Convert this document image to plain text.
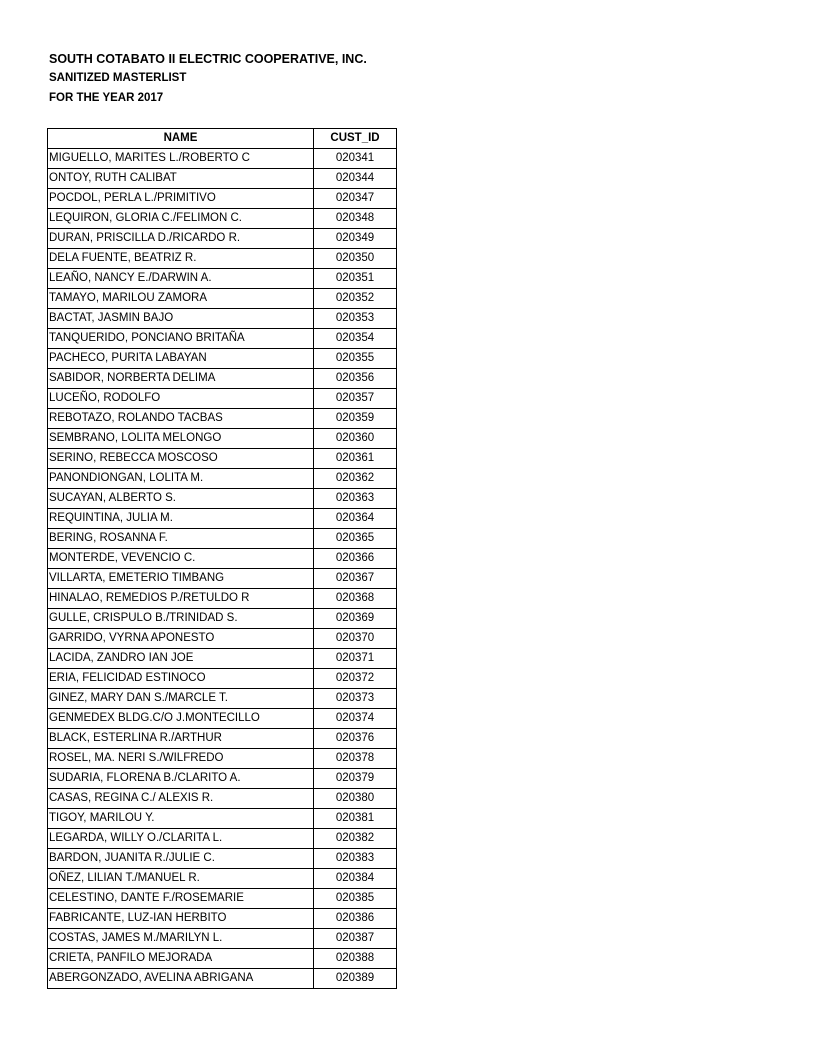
SOUTH COTABATO II ELECTRIC COOPERATIVE, INC.
SANITIZED MASTERLIST
FOR THE YEAR 2017
NAME	CUST_ID
MIGUELLO, MARITES L./ROBERTO C	020341
ONTOY, RUTH CALIBAT	020344
POCDOL, PERLA L./PRIMITIVO	020347
LEQUIRON, GLORIA C./FELIMON C.	020348
DURAN, PRISCILLA D./RICARDO R.	020349
DELA FUENTE, BEATRIZ R.	020350
LEAÑO, NANCY E./DARWIN A.	020351
TAMAYO, MARILOU ZAMORA	020352
BACTAT, JASMIN BAJO	020353
TANQUERIDO, PONCIANO BRITAÑA	020354
PACHECO, PURITA LABAYAN	020355
SABIDOR, NORBERTA DELIMA	020356
LUCEÑO, RODOLFO	020357
REBOTAZO, ROLANDO TACBAS	020359
SEMBRANO, LOLITA MELONGO	020360
SERINO, REBECCA MOSCOSO	020361
PANONDIONGAN, LOLITA M.	020362
SUCAYAN, ALBERTO S.	020363
REQUINTINA, JULIA M.	020364
BERING, ROSANNA F.	020365
MONTERDE, VEVENCIO C.	020366
VILLARTA, EMETERIO TIMBANG	020367
HINALAO, REMEDIOS P./RETULDO R	020368
GULLE, CRISPULO B./TRINIDAD S.	020369
GARRIDO, VYRNA APONESTO	020370
LACIDA, ZANDRO IAN JOE	020371
ERIA, FELICIDAD ESTINOCO	020372
GINEZ, MARY DAN S./MARCLE T.	020373
GENMEDEX BLDG.C/O J.MONTECILLO	020374
BLACK, ESTERLINA R./ARTHUR	020376
ROSEL, MA. NERI S./WILFREDO	020378
SUDARIA, FLORENA B./CLARITO A.	020379
CASAS, REGINA C./ ALEXIS R.	020380
TIGOY, MARILOU Y.	020381
LEGARDA, WILLY O./CLARITA L.	020382
BARDON, JUANITA R./JULIE C.	020383
OÑEZ, LILIAN T./MANUEL R.	020384
CELESTINO, DANTE F./ROSEMARIE	020385
FABRICANTE, LUZ-IAN HERBITO	020386
COSTAS, JAMES M./MARILYN L.	020387
CRIETA, PANFILO MEJORADA	020388
ABERGONZADO, AVELINA ABRIGANA	020389
